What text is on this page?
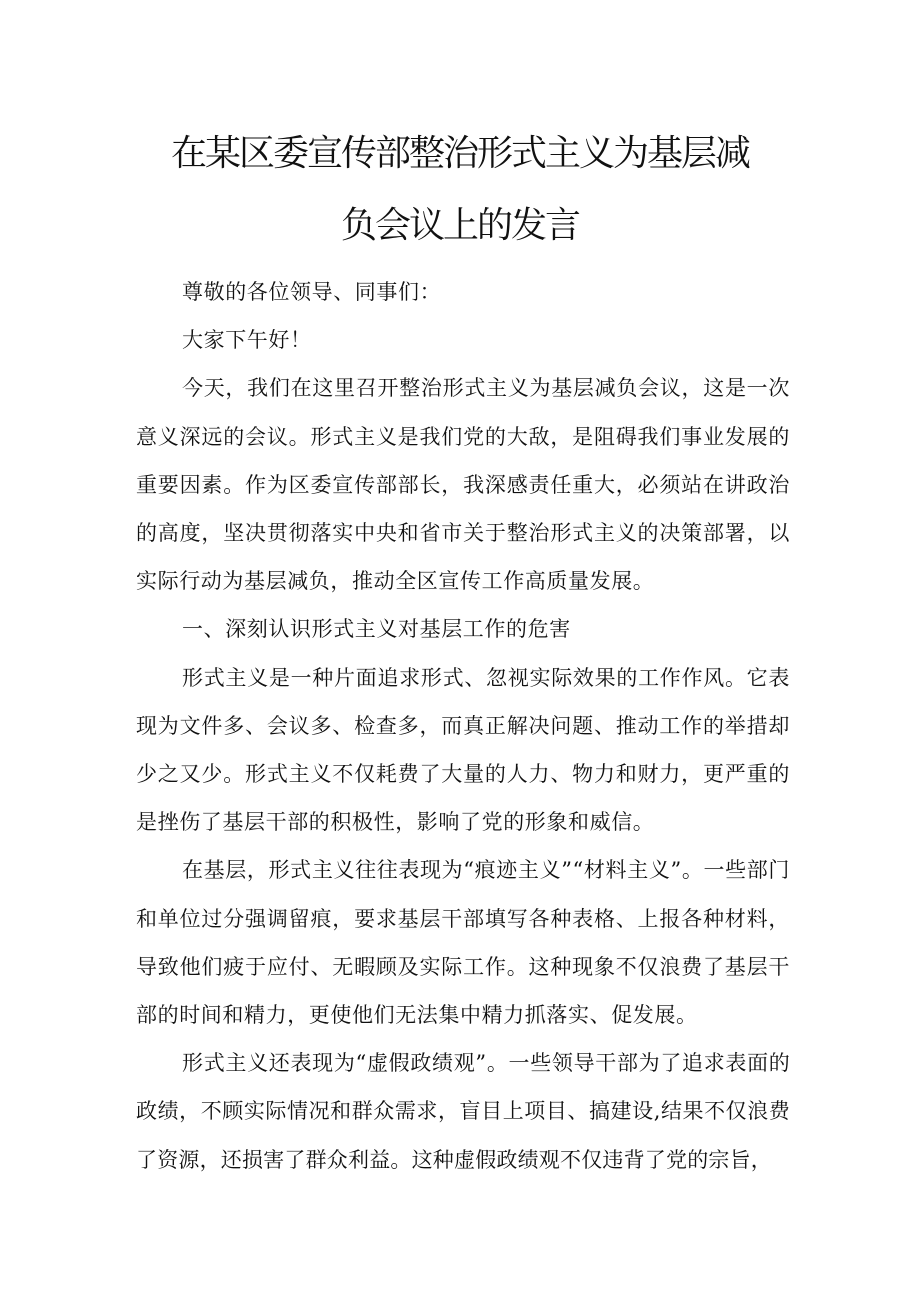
在某区委宣传部整治形式主义为基层减
负会议上的发言

尊敬的各位领导、同事们：

大家下午好！

今天，我们在这里召开整治形式主义为基层减负会议，这是一次意义深远的会议。形式主义是我们党的大敌，是阻碍我们事业发展的重要因素。作为区委宣传部部长，我深感责任重大，必须站在讲政治的高度，坚决贯彻落实中央和省市关于整治形式主义的决策部署，以实际行动为基层减负，推动全区宣传工作高质量发展。

一、深刻认识形式主义对基层工作的危害

形式主义是一种片面追求形式、忽视实际效果的工作作风。它表现为文件多、会议多、检查多，而真正解决问题、推动工作的举措却少之又少。形式主义不仅耗费了大量的人力、物力和财力，更严重的是挫伤了基层干部的积极性，影响了党的形象和威信。

在基层，形式主义往往表现为“痕迹主义”“材料主义”。一些部门和单位过分强调留痕，要求基层干部填写各种表格、上报各种材料，导致他们疲于应付、无暇顾及实际工作。这种现象不仅浪费了基层干部的时间和精力，更使他们无法集中精力抓落实、促发展。

形式主义还表现为“虚假政绩观”。一些领导干部为了追求表面的政绩，不顾实际情况和群众需求，盲目上项目、搞建设,结果不仅浪费了资源，还损害了群众利益。这种虚假政绩观不仅违背了党的宗旨，
